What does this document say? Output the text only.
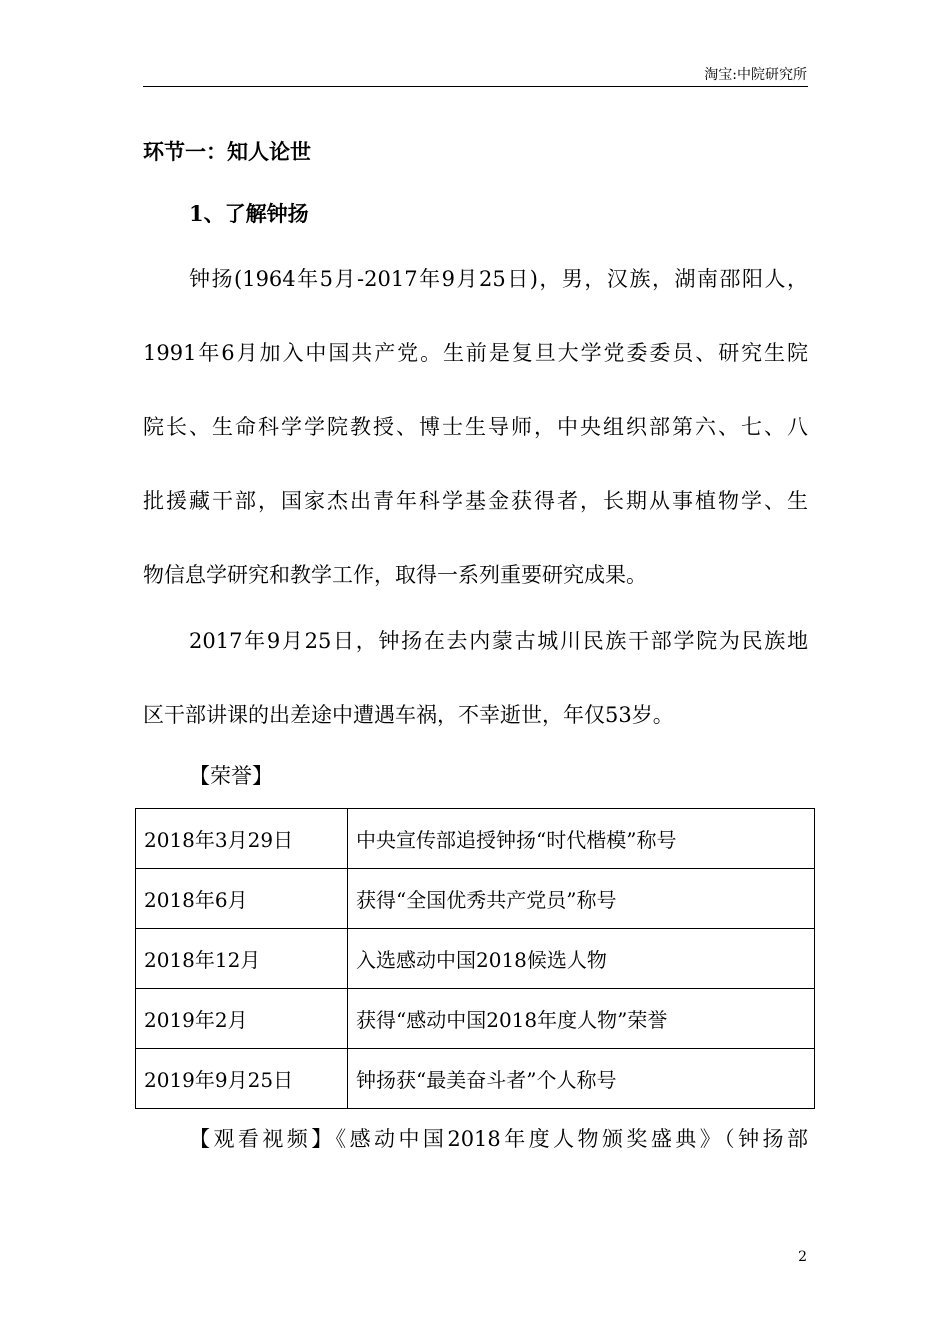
淘宝:中院研究所
环节一：知人论世
1、了解钟扬
钟扬(1964年5月-2017年9月25日)，男，汉族，湖南邵阳人，
1991年6月加入中国共产党。生前是复旦大学党委委员、研究生院
院长、生命科学学院教授、博士生导师，中央组织部第六、七、八
批援藏干部，国家杰出青年科学基金获得者，长期从事植物学、生
物信息学研究和教学工作，取得一系列重要研究成果。
2017年9月25日，钟扬在去内蒙古城川民族干部学院为民族地
区干部讲课的出差途中遭遇车祸，不幸逝世，年仅53岁。
【荣誉】
2018年3月29日	中央宣传部追授钟扬“时代楷模”称号
2018年6月	获得“全国优秀共产党员”称号
2018年12月	入选感动中国2018候选人物
2019年2月	获得“感动中国2018年度人物”荣誉
2019年9月25日	钟扬获“最美奋斗者”个人称号
【观看视频】《感动中国2018年度人物颁奖盛典》（钟扬部
2
